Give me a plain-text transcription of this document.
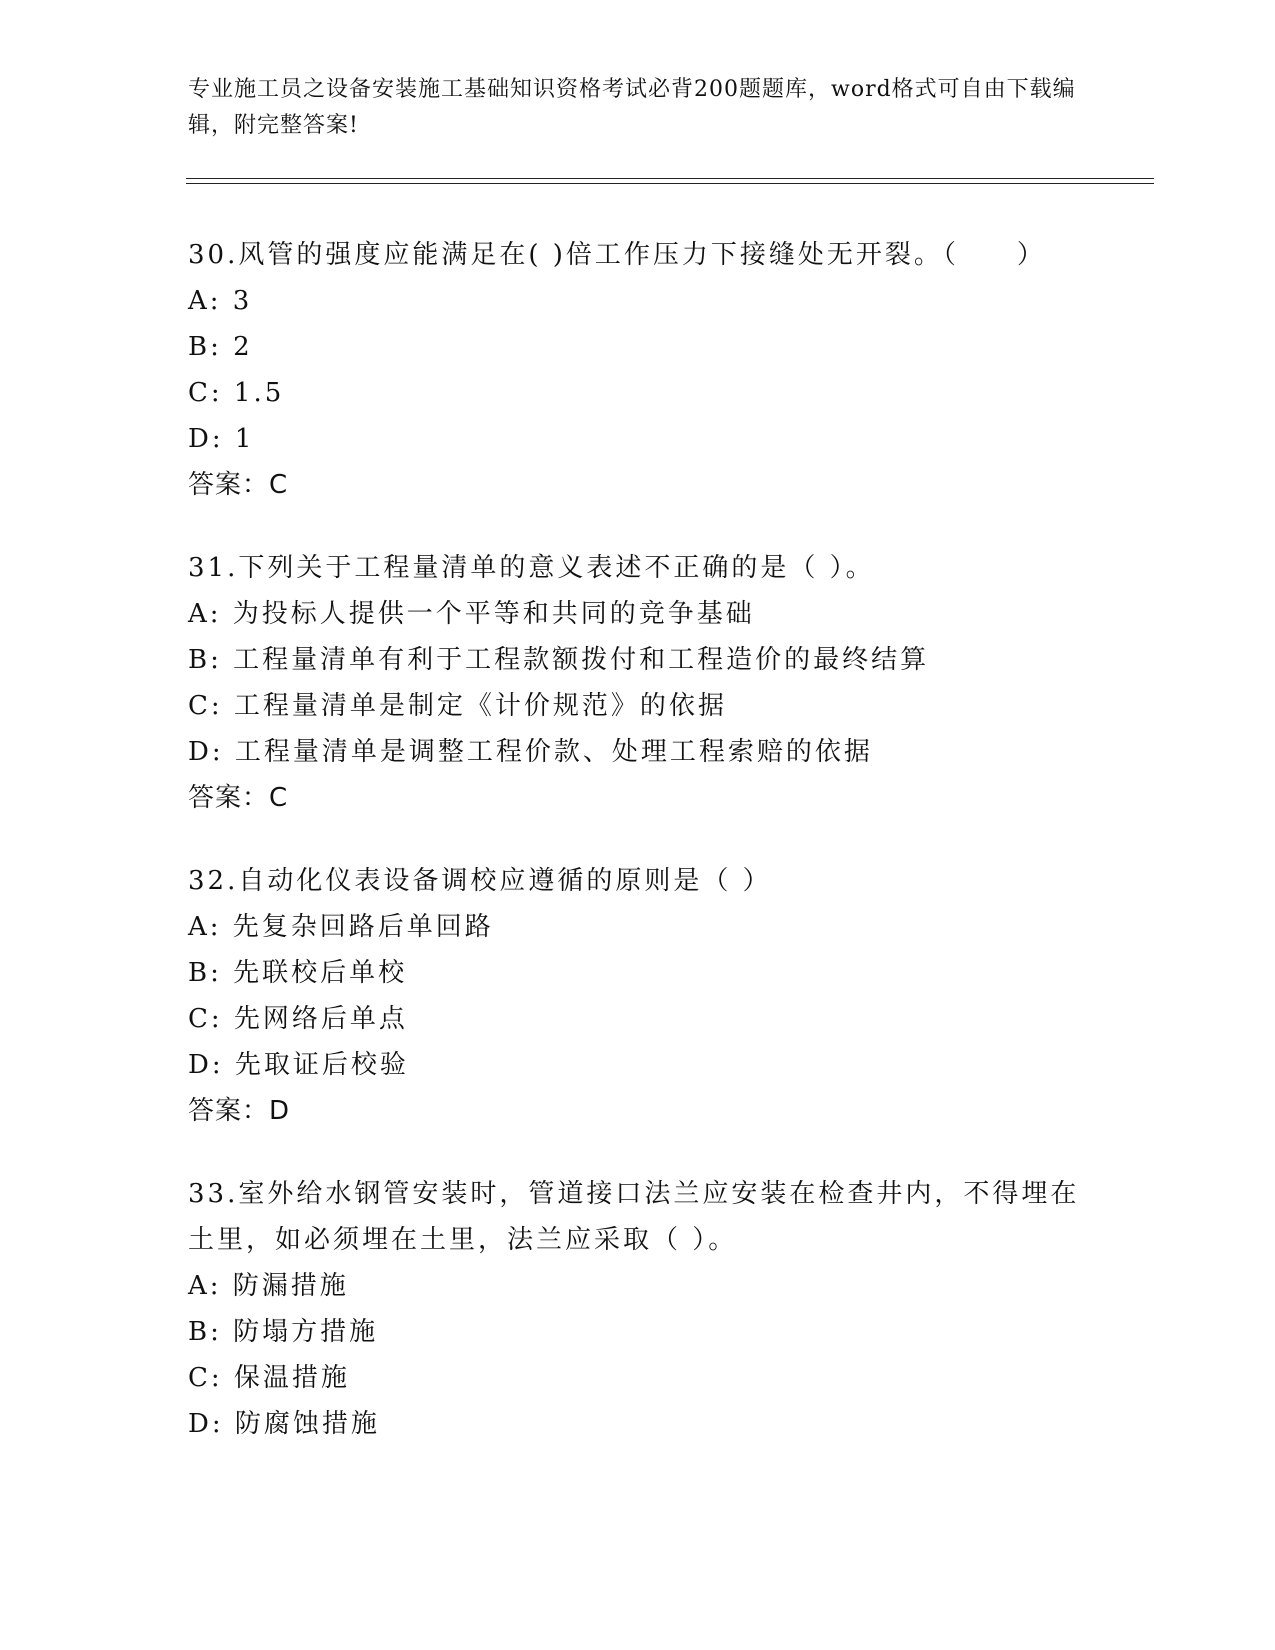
专业施工员之设备安装施工基础知识资格考试必背200题题库，word格式可自由下载编辑，附完整答案!
30.风管的强度应能满足在( )倍工作压力下接缝处无开裂。（　　）
A: 3
B: 2
C: 1.5
D: 1
答案：C
31.下列关于工程量清单的意义表述不正确的是（ ）。
A: 为投标人提供一个平等和共同的竞争基础
B: 工程量清单有利于工程款额拨付和工程造价的最终结算
C: 工程量清单是制定《计价规范》的依据
D: 工程量清单是调整工程价款、处理工程索赔的依据
答案：C
32.自动化仪表设备调校应遵循的原则是（ ）
A: 先复杂回路后单回路
B: 先联校后单校
C: 先网络后单点
D: 先取证后校验
答案：D
33.室外给水钢管安装时，管道接口法兰应安装在检查井内，不得埋在土里，如必须埋在土里，法兰应采取（ ）。
A: 防漏措施
B: 防塌方措施
C: 保温措施
D: 防腐蚀措施
